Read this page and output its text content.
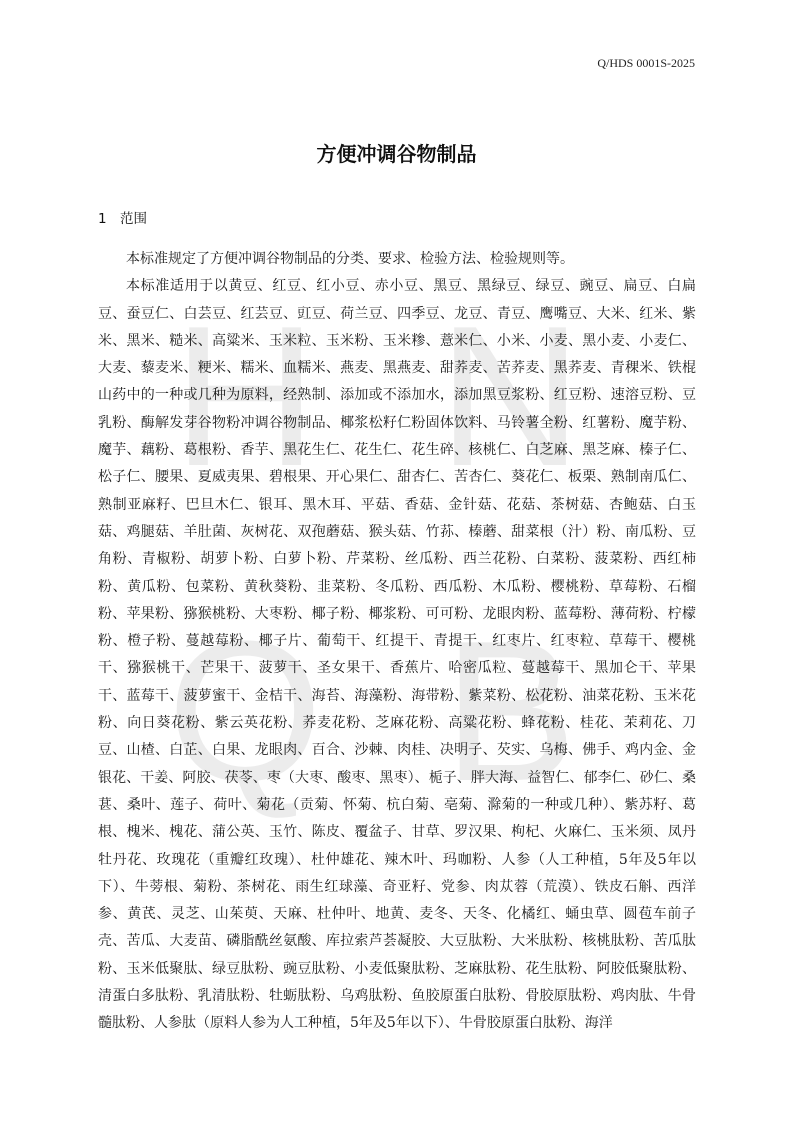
H N
Q B
Q/HDS 0001S-2025
方便冲调谷物制品
1 范围

本标准规定了方便冲调谷物制品的分类、要求、检验方法、检验规则等。

本标准适用于以黄豆、红豆、红小豆、赤小豆、黑豆、黑绿豆、绿豆、豌豆、扁豆、白扁豆、蚕豆仁、白芸豆、红芸豆、豇豆、荷兰豆、四季豆、龙豆、青豆、鹰嘴豆、大米、红米、紫米、黑米、糙米、高粱米、玉米粒、玉米粉、玉米糁、薏米仁、小米、小麦、黑小麦、小麦仁、大麦、藜麦米、粳米、糯米、血糯米、燕麦、黑燕麦、甜荞麦、苦荞麦、黑荞麦、青稞米、铁棍山药中的一种或几种为原料，经熟制、添加或不添加水，添加黑豆浆粉、红豆粉、速溶豆粉、豆乳粉、酶解发芽谷物粉冲调谷物制品、椰浆松籽仁粉固体饮料、马铃薯全粉、红薯粉、魔芋粉、魔芋、藕粉、葛根粉、香芋、黑花生仁、花生仁、花生碎、核桃仁、白芝麻、黑芝麻、榛子仁、松子仁、腰果、夏威夷果、碧根果、开心果仁、甜杏仁、苦杏仁、葵花仁、板栗、熟制南瓜仁、熟制亚麻籽、巴旦木仁、银耳、黑木耳、平菇、香菇、金针菇、花菇、茶树菇、杏鲍菇、白玉菇、鸡腿菇、羊肚菌、灰树花、双孢蘑菇、猴头菇、竹荪、榛蘑、甜菜根（汁）粉、南瓜粉、豆角粉、青椒粉、胡萝卜粉、白萝卜粉、芹菜粉、丝瓜粉、西兰花粉、白菜粉、菠菜粉、西红柿粉、黄瓜粉、包菜粉、黄秋葵粉、韭菜粉、冬瓜粉、西瓜粉、木瓜粉、樱桃粉、草莓粉、石榴粉、苹果粉、猕猴桃粉、大枣粉、椰子粉、椰浆粉、可可粉、龙眼肉粉、蓝莓粉、薄荷粉、柠檬粉、橙子粉、蔓越莓粉、椰子片、葡萄干、红提干、青提干、红枣片、红枣粒、草莓干、樱桃干、猕猴桃干、芒果干、菠萝干、圣女果干、香蕉片、哈密瓜粒、蔓越莓干、黑加仑干、苹果干、蓝莓干、菠萝蜜干、金桔干、海苔、海藻粉、海带粉、紫菜粉、松花粉、油菜花粉、玉米花粉、向日葵花粉、紫云英花粉、荞麦花粉、芝麻花粉、高粱花粉、蜂花粉、桂花、茉莉花、刀豆、山楂、白芷、白果、龙眼肉、百合、沙棘、肉桂、决明子、芡实、乌梅、佛手、鸡内金、金银花、干姜、阿胶、茯苓、枣（大枣、酸枣、黑枣）、栀子、胖大海、益智仁、郁李仁、砂仁、桑葚、桑叶、莲子、荷叶、菊花（贡菊、怀菊、杭白菊、亳菊、滁菊的一种或几种）、紫苏籽、葛根、槐米、槐花、蒲公英、玉竹、陈皮、覆盆子、甘草、罗汉果、枸杞、火麻仁、玉米须、凤丹牡丹花、玫瑰花（重瓣红玫瑰）、杜仲雄花、辣木叶、玛咖粉、人参（人工种植，5年及5年以下）、牛蒡根、菊粉、茶树花、雨生红球藻、奇亚籽、党参、肉苁蓉（荒漠）、铁皮石斛、西洋参、黄芪、灵芝、山茱萸、天麻、杜仲叶、地黄、麦冬、天冬、化橘红、蛹虫草、圆苞车前子壳、苦瓜、大麦苗、磷脂酰丝氨酸、库拉索芦荟凝胶、大豆肽粉、大米肽粉、核桃肽粉、苦瓜肽粉、玉米低聚肽、绿豆肽粉、豌豆肽粉、小麦低聚肽粉、芝麻肽粉、花生肽粉、阿胶低聚肽粉、清蛋白多肽粉、乳清肽粉、牡蛎肽粉、乌鸡肽粉、鱼胶原蛋白肽粉、骨胶原肽粉、鸡肉肽、牛骨髓肽粉、人参肽（原料人参为人工种植，5年及5年以下）、牛骨胶原蛋白肽粉、海洋
